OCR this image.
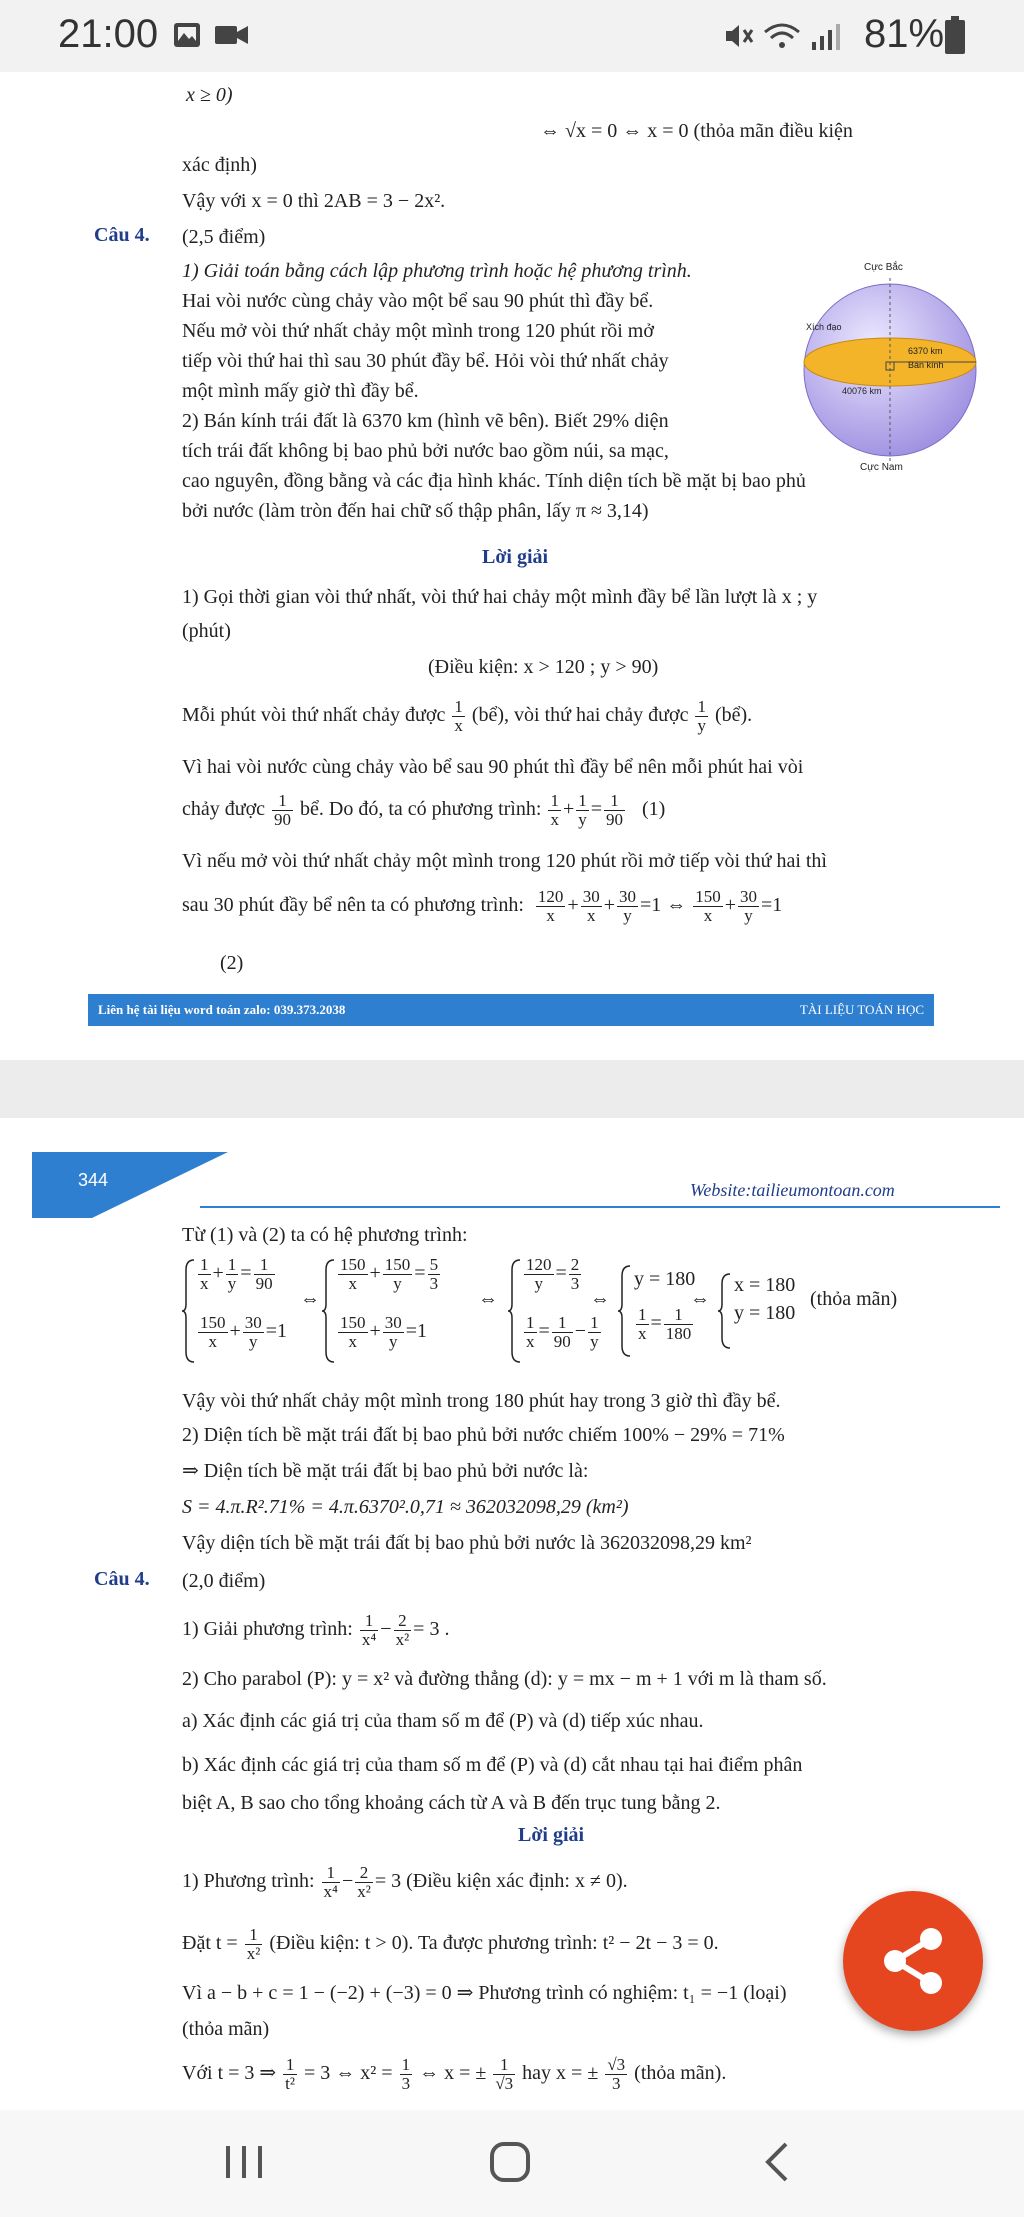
21:00	81%
x ≥ 0)
⇔ √x = 0 ⇔ x = 0 (thỏa mãn điều kiện
xác định)
Vậy với x = 0 thì 2AB = 3 − 2x².
Câu 4. (2,5 điểm)
1) Giải toán bằng cách lập phương trình hoặc hệ phương trình.
Hai vòi nước cùng chảy vào một bể sau 90 phút thì đầy bể.
Nếu mở vòi thứ nhất chảy một mình trong 120 phút rồi mở
tiếp vòi thứ hai thì sau 30 phút đầy bể. Hỏi vòi thứ nhất chảy
một mình mấy giờ thì đầy bể.
2) Bán kính trái đất là 6370 km (hình vẽ bên). Biết 29% diện
tích trái đất không bị bao phủ bởi nước bao gồm núi, sa mạc,
cao nguyên, đồng bằng và các địa hình khác. Tính diện tích bề mặt bị bao phủ
bởi nước (làm tròn đến hai chữ số thập phân, lấy π ≈ 3,14)
Cực Bắc
Cực Nam
Xích đạo
6370 km
Bán kính
40076 km
Lời giải
1) Gọi thời gian vòi thứ nhất, vòi thứ hai chảy một mình đầy bể lần lượt là x ; y
(phút)
(Điều kiện: x > 120 ; y > 90)
Mỗi phút vòi thứ nhất chảy được $\frac{1}{x}$ (bể), vòi thứ hai chảy được $\frac{1}{y}$ (bể).
Vì hai vòi nước cùng chảy vào bể sau 90 phút thì đầy bể nên mỗi phút hai vòi
chảy được $\frac{1}{90}$ bể. Do đó, ta có phương trình: $\frac{1}{x} + \frac{1}{y} = \frac{1}{90} (1)$
Vì nếu mở vòi thứ nhất chảy một mình trong 120 phút rồi mở tiếp vòi thứ hai thì
sau 30 phút đầy bể nên ta có phương trình: $\frac{120}{x} + \frac{30}{x} + \frac{30}{y} =1$ ⇔ $\frac{150}{x} + \frac{30}{y} =1$
(2)
Liên hệ tài liệu word toán zalo: 039.373.2038	TÀI LIỆU TOÁN HỌC
344	Website:tailieumontoan.com
Từ (1) và (2) ta có hệ phương trình:
$\frac{1}{x} + \frac{1}{y} = \frac{1}{90}$
$\frac{150}{x} + \frac{30}{y} =1$
⇔
$\frac{150}{x} + \frac{150}{y} = \frac{5}{3}$
$\frac{150}{x} + \frac{30}{y} =1$
⇔
$\frac{120}{y} = \frac{2}{3}$
$\frac{1}{x} = \frac{1}{90} - \frac{1}{y}$
⇔
y = 180
$\frac{1}{x} = \frac{1}{180}$
⇔
x = 180
y = 180
(thỏa mãn)
Vậy vòi thứ nhất chảy một mình trong 180 phút hay trong 3 giờ thì đầy bể.
2) Diện tích bề mặt trái đất bị bao phủ bởi nước chiếm 100% − 29% = 71%
⇒ Diện tích bề mặt trái đất bị bao phủ bởi nước là:
S = 4.π.R².71% = 4.π.6370².0,71 ≈ 362032098,29 (km²)
Vậy diện tích bề mặt trái đất bị bao phủ bởi nước là 362032098,29 km²
Câu 4. (2,0 điểm)
1) Giải phương trình: $\frac{1}{\text{x⁴}} - \frac{2}{\text{x²}} = 3$ .
2) Cho parabol (P): y = x² và đường thẳng (d): y = mx − m + 1 với m là tham số.
a) Xác định các giá trị của tham số m để (P) và (d) tiếp xúc nhau.
b) Xác định các giá trị của tham số m để (P) và (d) cắt nhau tại hai điểm phân
biệt A, B sao cho tổng khoảng cách từ A và B đến trục tung bằng 2.
Lời giải
1) Phương trình: $\frac{1}{\text{x⁴}} - \frac{2}{\text{x²}} = 3$ (Điều kiện xác định: x ≠ 0).
Đặt $t = \frac{1}{\text{x²}}$ (Điều kiện: t > 0). Ta được phương trình: t² − 2t − 3 = 0.
Vì a − b + c = 1 − (−2) + (−3) = 0 ⇒ Phương trình có nghiệm: t₁ = −1 (loại)
(thỏa mãn)
Với t = 3 ⇒ $\frac{1}{\text{t²}} = 3$ ⇔ $x^2 = \frac{1}{3}$ ⇔ x = ± $\frac{1}{√3}$ hay x = ± $\frac{√3}{3}$ (thỏa mãn).
